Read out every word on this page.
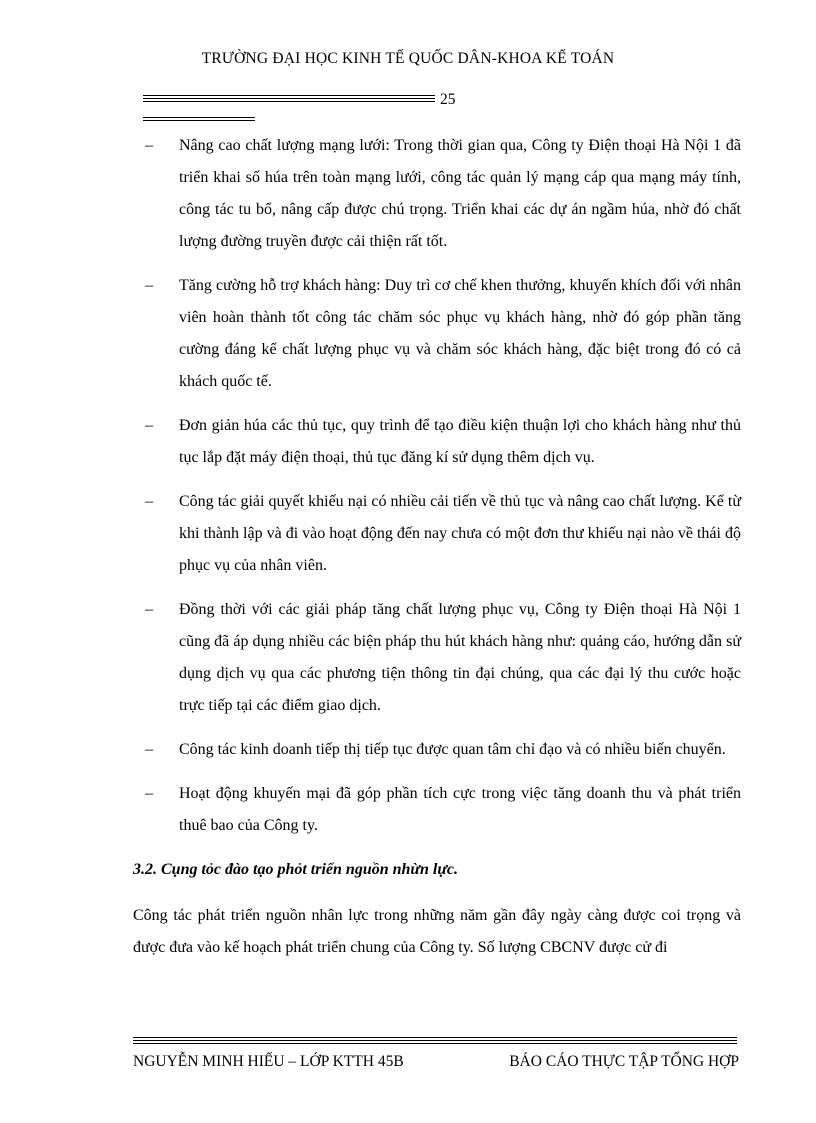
TRƯỜNG ĐẠI HỌC KINH TẾ QUỐC DÂN-KHOA KẾ TOÁN
25
– Nâng cao chất lượng mạng lưới: Trong thời gian qua, Công ty Điện thoại Hà Nội 1 đã triển khai số húa trên toàn mạng lưới, công tác quản lý mạng cáp qua mạng máy tính, công tác tu bổ, nâng cấp được chú trọng. Triển khai các dự án ngầm húa, nhờ đó chất lượng đường truyền được cải thiện rất tốt.
– Tăng cường hỗ trợ khách hàng: Duy trì cơ chế khen thưởng, khuyến khích đối với nhân viên hoàn thành tốt công tác chăm sóc phục vụ khách hàng, nhờ đó góp phần tăng cường đáng kể chất lượng phục vụ và chăm sóc khách hàng, đặc biệt trong đó có cả khách quốc tế.
– Đơn giản húa các thủ tục, quy trình để tạo điều kiện thuận lợi cho khách hàng như thủ tục lắp đặt máy điện thoại, thủ tục đăng kí sử dụng thêm dịch vụ.
– Công tác giải quyết khiếu nại có nhiều cải tiến về thủ tục và nâng cao chất lượng. Kể từ khi thành lập và đi vào hoạt động đến nay chưa có một đơn thư khiếu nại nào về thái độ phục vụ của nhân viên.
– Đồng thời với các giải pháp tăng chất lượng phục vụ, Công ty Điện thoại Hà Nội 1 cũng đã áp dụng nhiều các biện pháp thu hút khách hàng như: quảng cáo, hướng dẫn sử dụng dịch vụ qua các phương tiện thông tin đại chúng, qua các đại lý thu cước hoặc trực tiếp tại các điểm giao dịch.
– Công tác kinh doanh tiếp thị tiếp tục được quan tâm chỉ đạo và có nhiều biến chuyển.
– Hoạt động khuyến mại đã góp phần tích cực trong việc tăng doanh thu và phát triển thuê bao của Công ty.
3.2. Cụng tỏc đào tạo phỏt triển nguồn nhừn lực.
Công tác phát triển nguồn nhân lực trong những năm gần đây ngày càng được coi trọng và được đưa vào kế hoạch phát triển chung của Công ty. Số lượng CBCNV được cử đi
NGUYỄN MINH HIẾU – LỚP KTTH 45B	BÁO CÁO THỰC TẬP TỔNG HỢP
